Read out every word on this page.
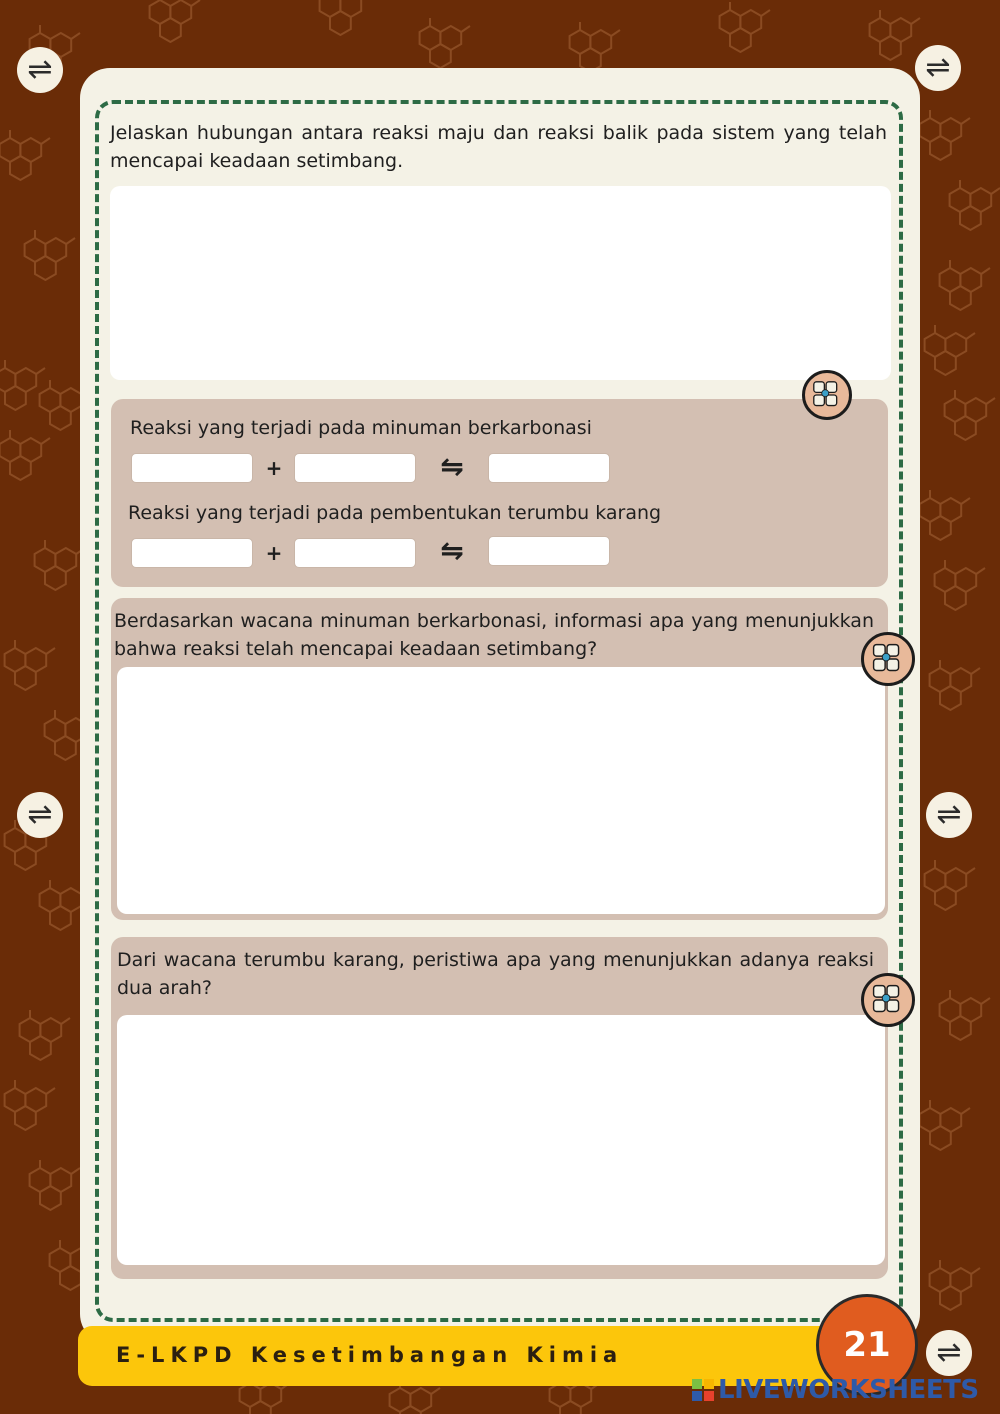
⇌	⇌
⇌	⇌
⇌
Jelaskan hubungan antara reaksi maju dan reaksi balik pada sistem yang telah mencapai keadaan setimbang.
Reaksi yang terjadi pada minuman berkarbonasi
+	⇋
Reaksi yang terjadi pada pembentukan terumbu karang
+	⇋
Berdasarkan wacana minuman berkarbonasi, informasi apa yang menunjukkan bahwa reaksi telah mencapai keadaan setimbang?
Dari wacana terumbu karang, peristiwa apa yang menunjukkan adanya reaksi dua arah?
E-LKPD Kesetimbangan Kimia	21
LIVEWORKSHEETS
